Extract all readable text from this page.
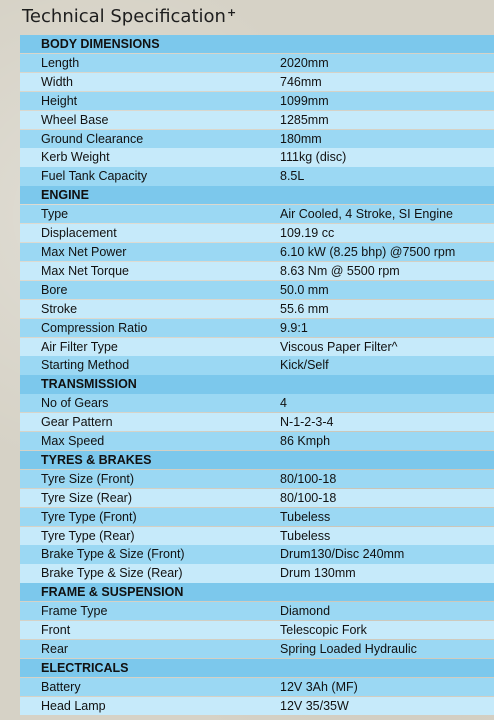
Technical Specification+
BODY DIMENSIONS
Length	2020mm
Width	746mm
Height	1099mm
Wheel Base	1285mm
Ground Clearance	180mm
Kerb Weight	111kg (disc)
Fuel Tank Capacity	8.5L
ENGINE
Type	Air Cooled, 4 Stroke, SI Engine
Displacement	109.19 cc
Max Net Power	6.10 kW (8.25 bhp) @7500 rpm
Max Net Torque	8.63 Nm @ 5500 rpm
Bore	50.0 mm
Stroke	55.6 mm
Compression Ratio	9.9:1
Air Filter Type	Viscous Paper Filter^
Starting Method	Kick/Self
TRANSMISSION
No of Gears	4
Gear Pattern	N-1-2-3-4
Max Speed	86 Kmph
TYRES & BRAKES
Tyre Size (Front)	80/100-18
Tyre Size (Rear)	80/100-18
Tyre Type (Front)	Tubeless
Tyre Type (Rear)	Tubeless
Brake Type & Size (Front)	Drum130/Disc 240mm
Brake Type & Size (Rear)	Drum 130mm
FRAME & SUSPENSION
Frame Type	Diamond
Front	Telescopic Fork
Rear	Spring Loaded Hydraulic
ELECTRICALS
Battery	12V 3Ah (MF)
Head Lamp	12V 35/35W
